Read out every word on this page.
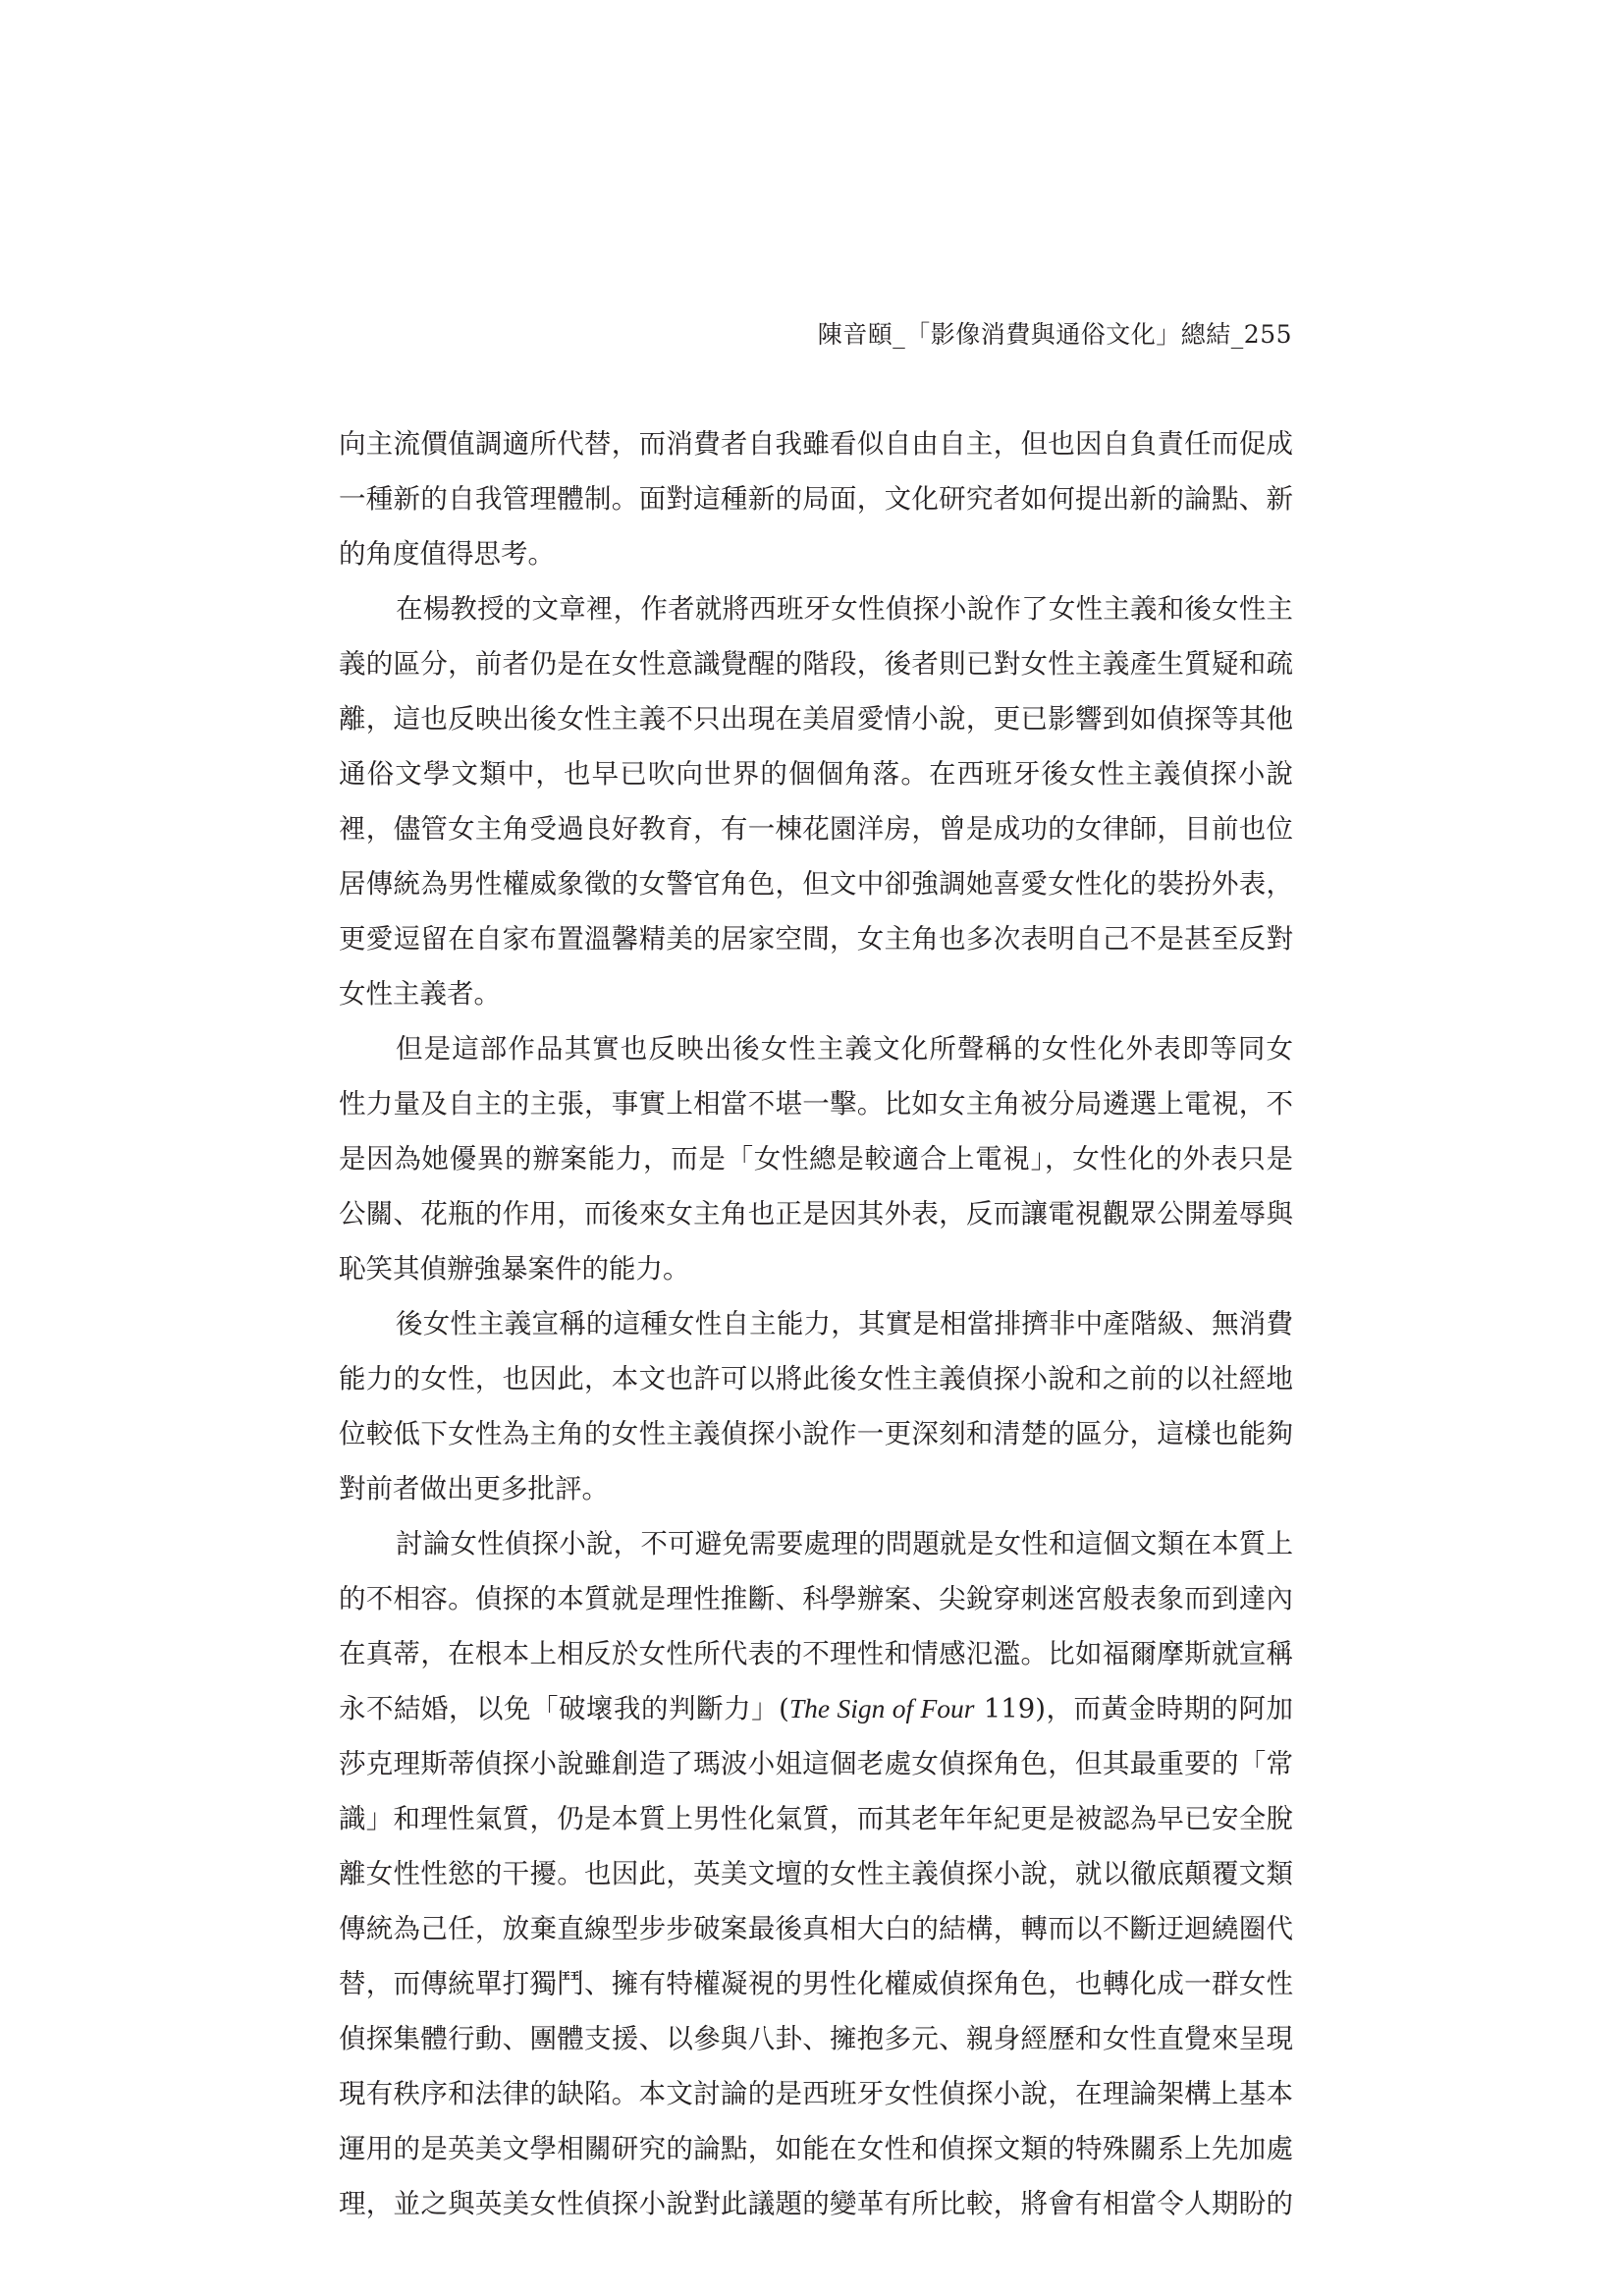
陳音頤_「影像消費與通俗文化」總結_255
向主流價值調適所代替，而消費者自我雖看似自由自主，但也因自負責任而促成
一種新的自我管理體制。面對這種新的局面，文化研究者如何提出新的論點、新
的角度值得思考。
在楊教授的文章裡，作者就將西班牙女性偵探小說作了女性主義和後女性主
義的區分，前者仍是在女性意識覺醒的階段，後者則已對女性主義產生質疑和疏
離，這也反映出後女性主義不只出現在美眉愛情小說，更已影響到如偵探等其他
通俗文學文類中，也早已吹向世界的個個角落。在西班牙後女性主義偵探小說
裡，儘管女主角受過良好教育，有一棟花園洋房，曾是成功的女律師，目前也位
居傳統為男性權威象徵的女警官角色，但文中卻強調她喜愛女性化的裝扮外表，
更愛逗留在自家布置溫馨精美的居家空間，女主角也多次表明自己不是甚至反對
女性主義者。
但是這部作品其實也反映出後女性主義文化所聲稱的女性化外表即等同女
性力量及自主的主張，事實上相當不堪一擊。比如女主角被分局遴選上電視，不
是因為她優異的辦案能力，而是「女性總是較適合上電視」，女性化的外表只是
公關、花瓶的作用，而後來女主角也正是因其外表，反而讓電視觀眾公開羞辱與
恥笑其偵辦強暴案件的能力。
後女性主義宣稱的這種女性自主能力，其實是相當排擠非中產階級、無消費
能力的女性，也因此，本文也許可以將此後女性主義偵探小說和之前的以社經地
位較低下女性為主角的女性主義偵探小說作一更深刻和清楚的區分，這樣也能夠
對前者做出更多批評。
討論女性偵探小說，不可避免需要處理的問題就是女性和這個文類在本質上
的不相容。偵探的本質就是理性推斷、科學辦案、尖銳穿刺迷宮般表象而到達內
在真蒂，在根本上相反於女性所代表的不理性和情感氾濫。比如福爾摩斯就宣稱
永不結婚，以免「破壞我的判斷力」(The Sign of Four 119)，而黃金時期的阿加
莎克理斯蒂偵探小說雖創造了瑪波小姐這個老處女偵探角色，但其最重要的「常
識」和理性氣質，仍是本質上男性化氣質，而其老年年紀更是被認為早已安全脫
離女性性慾的干擾。也因此，英美文壇的女性主義偵探小說，就以徹底顛覆文類
傳統為己任，放棄直線型步步破案最後真相大白的結構，轉而以不斷迂迴繞圈代
替，而傳統單打獨鬥、擁有特權凝視的男性化權威偵探角色，也轉化成一群女性
偵探集體行動、團體支援、以參與八卦、擁抱多元、親身經歷和女性直覺來呈現
現有秩序和法律的缺陷。本文討論的是西班牙女性偵探小說，在理論架構上基本
運用的是英美文學相關研究的論點，如能在女性和偵探文類的特殊關系上先加處
理，並之與英美女性偵探小說對此議題的變革有所比較，將會有相當令人期盼的
